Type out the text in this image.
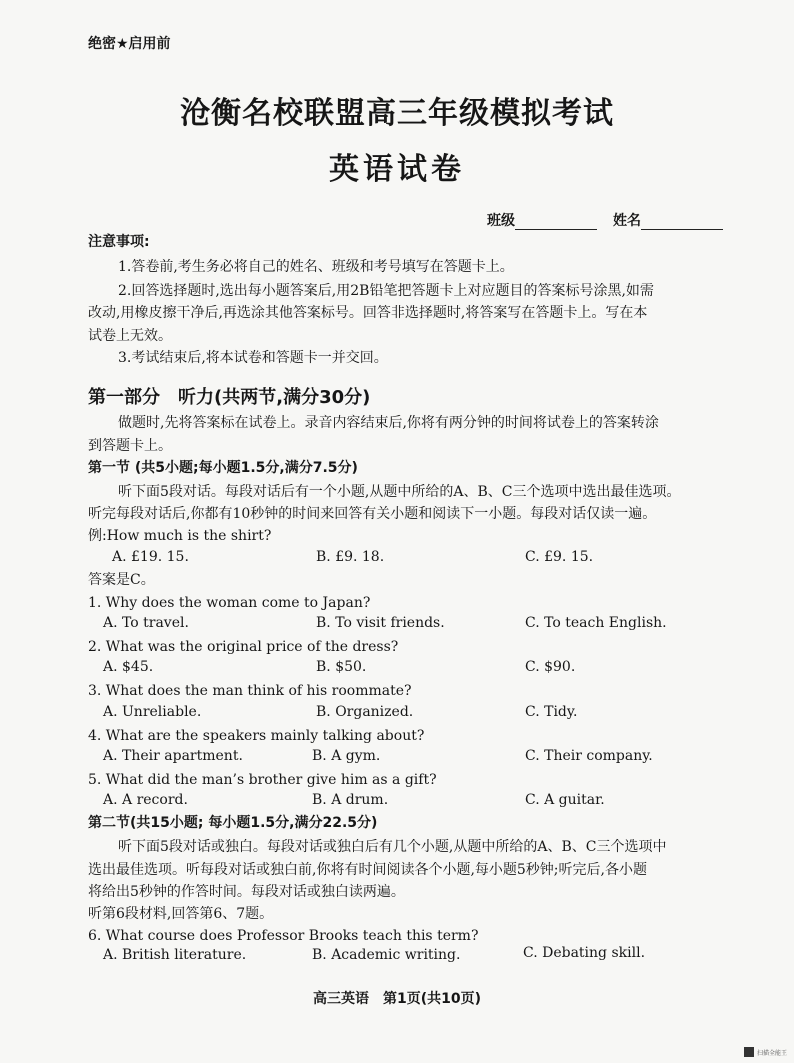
绝密★启用前
沧衡名校联盟高三年级模拟考试
英语试卷
班级	姓名
注意事项:
1.答卷前,考生务必将自己的姓名、班级和考号填写在答题卡上。
2.回答选择题时,选出每小题答案后,用2B铅笔把答题卡上对应题目的答案标号涂黑,如需
改动,用橡皮擦干净后,再选涂其他答案标号。回答非选择题时,将答案写在答题卡上。写在本
试卷上无效。
3.考试结束后,将本试卷和答题卡一并交回。
第一部分　听力(共两节,满分30分)
做题时,先将答案标在试卷上。录音内容结束后,你将有两分钟的时间将试卷上的答案转涂
到答题卡上。
第一节 (共5小题;每小题1.5分,满分7.5分)
听下面5段对话。每段对话后有一个小题,从题中所给的A、B、C三个选项中选出最佳选项。
听完每段对话后,你都有10秒钟的时间来回答有关小题和阅读下一小题。每段对话仅读一遍。
例:How much is the shirt?
A. £19. 15.	B. £9. 18.	C. £9. 15.
答案是C。
1. Why does the woman come to Japan?
A. To travel.	B. To visit friends.	C. To teach English.
2. What was the original price of the dress?
A. $45.	B. $50.	C. $90.
3. What does the man think of his roommate?
A. Unreliable.	B. Organized.	C. Tidy.
4. What are the speakers mainly talking about?
A. Their apartment.	B. A gym.	C. Their company.
5. What did the man’s brother give him as a gift?
A. A record.	B. A drum.	C. A guitar.
第二节(共15小题; 每小题1.5分,满分22.5分)
听下面5段对话或独白。每段对话或独白后有几个小题,从题中所给的A、B、C三个选项中
选出最佳选项。听每段对话或独白前,你将有时间阅读各个小题,每小题5秒钟;听完后,各小题
将给出5秒钟的作答时间。每段对话或独白读两遍。
听第6段材料,回答第6、7题。
6. What course does Professor Brooks teach this term?
A. British literature.	B. Academic writing.	C. Debating skill.
高三英语　第1页(共10页)
扫描全能王
